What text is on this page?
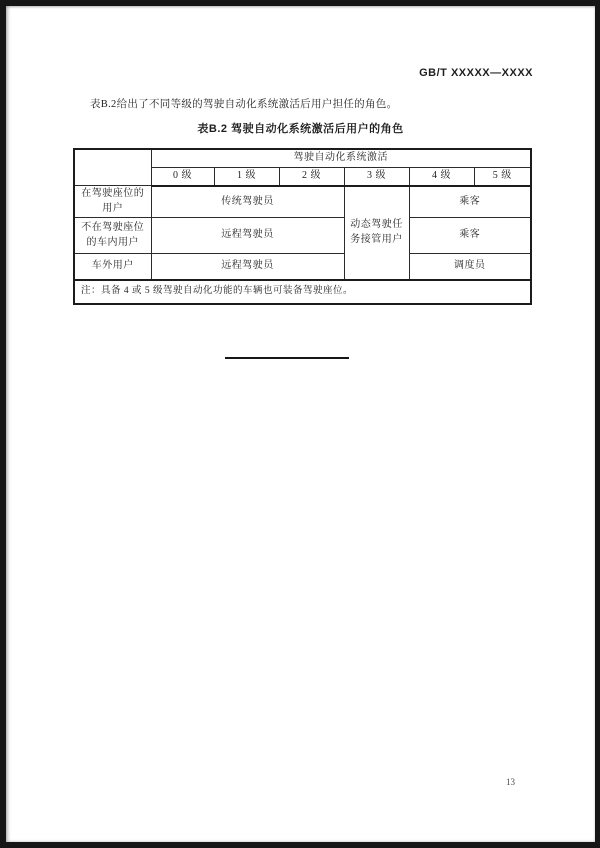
GB/T XXXXX—XXXX
表B.2给出了不同等级的驾驶自动化系统激活后用户担任的角色。
表B.2 驾驶自动化系统激活后用户的角色
	驾驶自动化系统激活					
	0 级	1 级	2 级	3 级	4 级	5 级
在驾驶座位的用户	传统驾驶员			动态驾驶任务接管用户	乘客	
不在驾驶座位的车内用户	远程驾驶员				乘客	
车外用户	远程驾驶员				调度员	
注：具备 4 或 5 级驾驶自动化功能的车辆也可装备驾驶座位。						
13
